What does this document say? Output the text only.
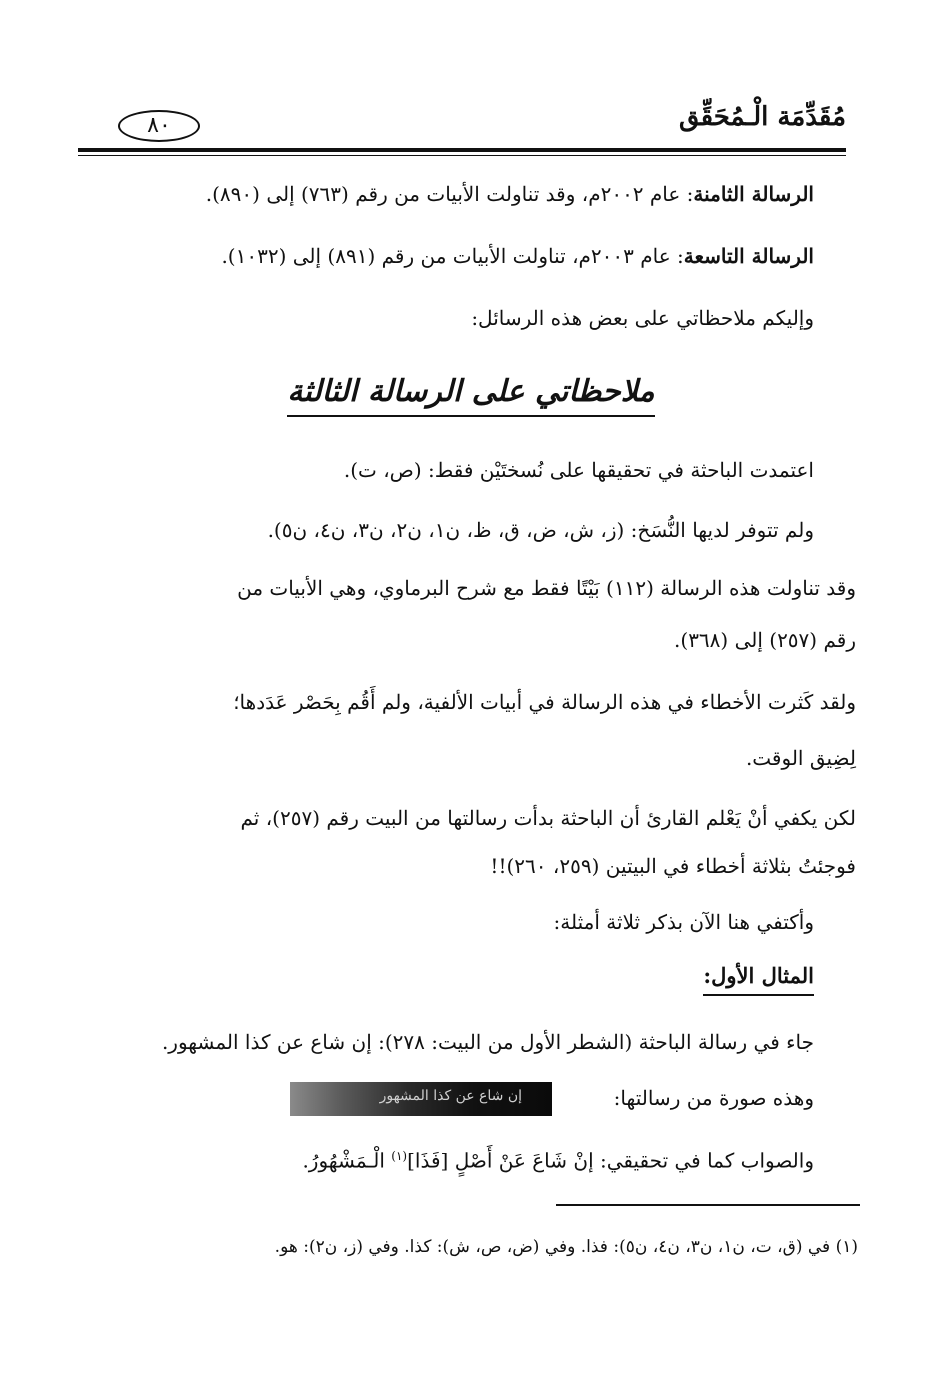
مُقَدِّمَة الْـمُحَقِّق
٨٠
الرسالة الثامنة: عام ٢٠٠٢م، وقد تناولت الأبيات من رقم (٧٦٣) إلى (٨٩٠).
الرسالة التاسعة: عام ٢٠٠٣م، تناولت الأبيات من رقم (٨٩١) إلى (١٠٣٢).
وإليكم ملاحظاتي على بعض هذه الرسائل:
ملاحظاتي على الرسالة الثالثة
اعتمدت الباحثة في تحقيقها على نُسختَيْن فقط: (ص، ت).
ولم تتوفر لديها النُّسَخ: (ز، ش، ض، ق، ظ، ن١، ن٢، ن٣، ن٤، ن٥).
وقد تناولت هذه الرسالة (١١٢) بَيْتًا فقط مع شرح البرماوي، وهي الأبيات من
رقم (٢٥٧) إلى (٣٦٨).
ولقد كَثرت الأخطاء في هذه الرسالة في أبيات الألفية، ولم أَقُم بِحَصْر عَدَدها؛
لِضِيق الوقت.
لكن يكفي أنْ يَعْلم القارئ أن الباحثة بدأت رسالتها من البيت رقم (٢٥٧)، ثم
فوجئتُ بثلاثة أخطاء في البيتين (٢٥٩، ٢٦٠)!!
وأكتفي هنا الآن بذكر ثلاثة أمثلة:
المثال الأول:
جاء في رسالة الباحثة (الشطر الأول من البيت: ٢٧٨): إن شاع عن كذا المشهور.
وهذه صورة من رسالتها:
إن شاع عن كذا المشهور
والصواب كما في تحقيقي: إنْ شَاعَ عَنْ أَصْلٍ [فَذَا]$^{(١)}$ الْـمَشْهُورُ.
(١) في (ق، ت، ن١، ن٣، ن٤، ن٥): فذا. وفي (ض، ص، ش): كذا. وفي (ز، ن٢): هو.
